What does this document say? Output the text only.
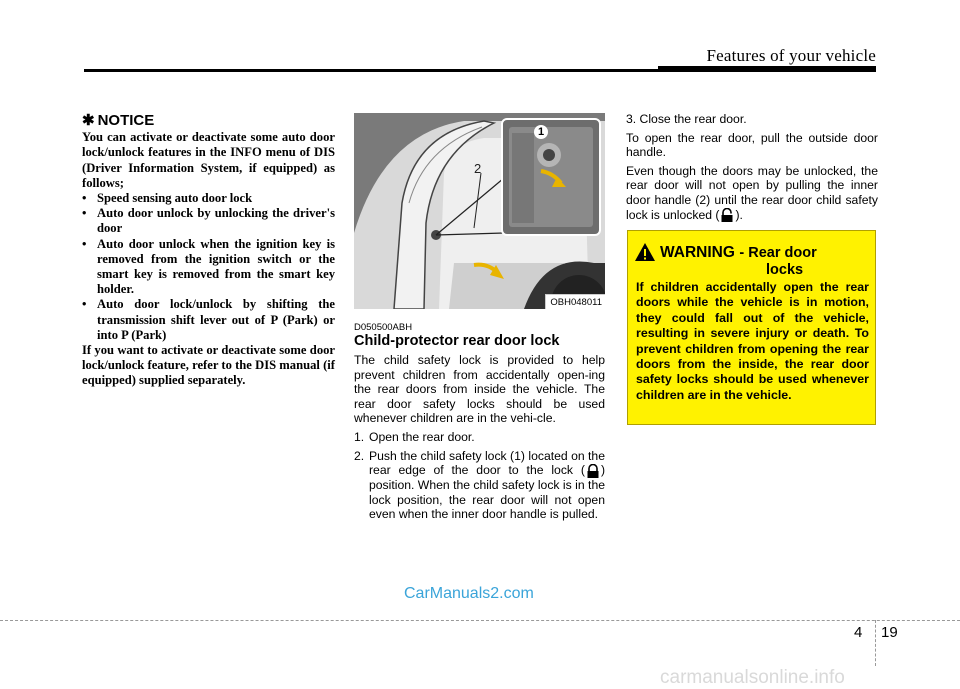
Features of your vehicle
✱ NOTICE

You can activate or deactivate some auto door lock/unlock features in the INFO menu of DIS (Driver Information System, if equipped) as follows;

• Speed sensing auto door lock
• Auto door unlock by unlocking the driver's door
• Auto door unlock when the ignition key is removed from the ignition switch or the smart key is removed from the smart key holder.
• Auto door lock/unlock by shifting the transmission shift lever out of P (Park) or into P (Park)

If you want to activate or deactivate some door lock/unlock feature, refer to the DIS manual (if equipped) supplied separately.

1
2
OBH048011
D050500ABH
Child-protector rear door lock

The child safety lock is provided to help prevent children from accidentally open-ing the rear doors from inside the vehicle. The rear door safety locks should be used whenever children are in the vehi-cle.

1. Open the rear door.
2. Push the child safety lock (1) located on the rear edge of the door to the lock ( ) position. When the child safety lock is in the lock position, the rear door will not open even when the inner door handle is pulled.

3. Close the rear door.

To open the rear door, pull the outside door handle.

Even though the doors may be unlocked, the rear door will not open by pulling the inner door handle (2) until the rear door child safety lock is unlocked ( ).

WARNING - Rear door
locks
If children accidentally open the rear doors while the vehicle is in motion, they could fall out of the vehicle, resulting in severe injury or death. To prevent children from opening the rear doors from the inside, the rear door safety locks should be used whenever children are in the vehicle.
CarManuals2.com
4 19
carmanualsonline.info
